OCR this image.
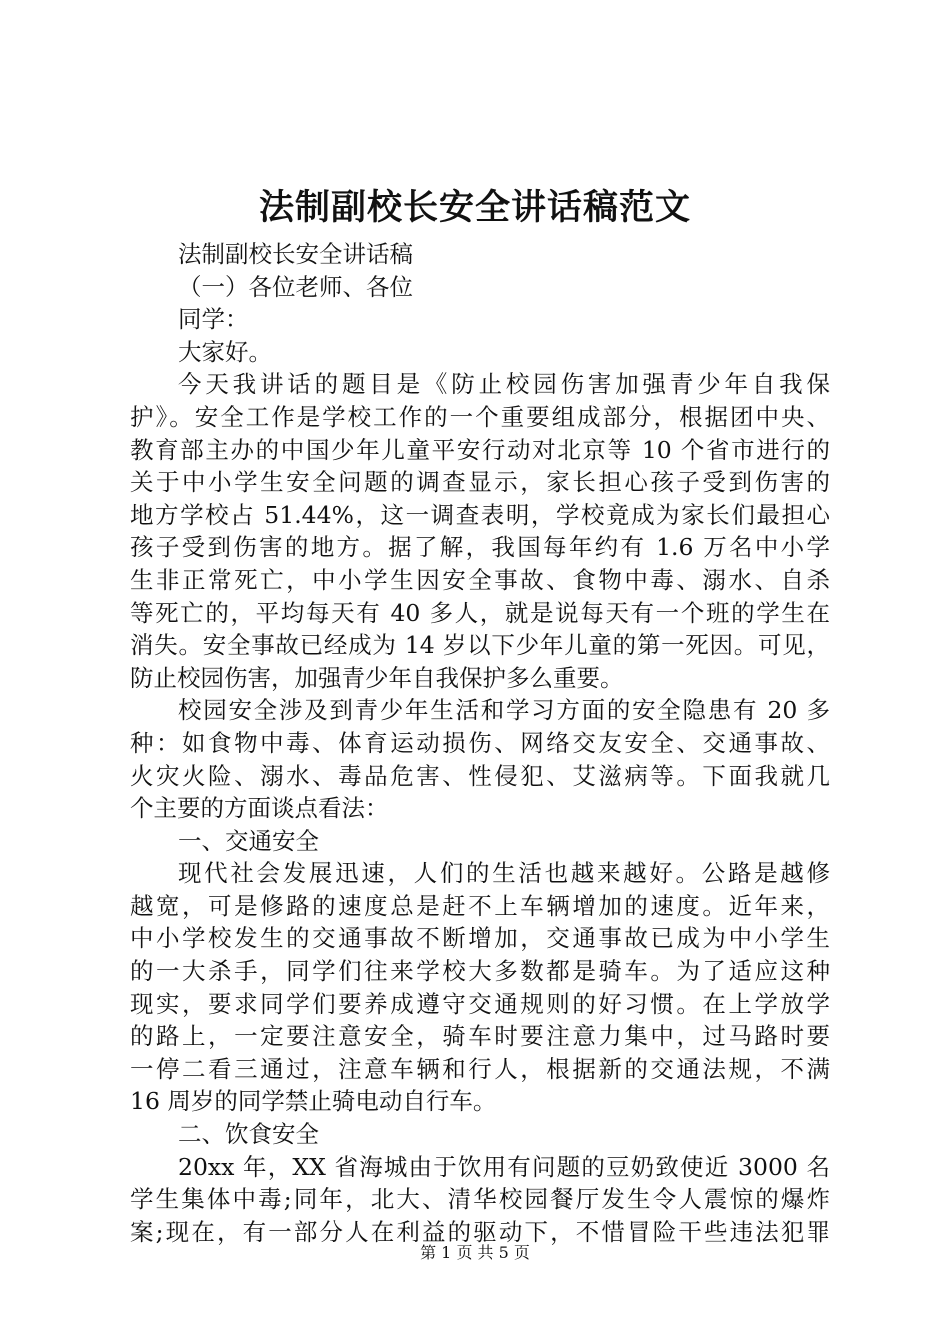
法制副校长安全讲话稿范文
法制副校长安全讲话稿
（一）各位老师、各位
同学：
大家好。
今天我讲话的题目是《防止校园伤害加强青少年自我保
护》。安全工作是学校工作的一个重要组成部分，根据团中央、
教育部主办的中国少年儿童平安行动对北京等 10 个省市进行的
关于中小学生安全问题的调查显示，家长担心孩子受到伤害的
地方学校占 51.44%，这一调查表明，学校竟成为家长们最担心
孩子受到伤害的地方。据了解，我国每年约有 1.6 万名中小学
生非正常死亡，中小学生因安全事故、食物中毒、溺水、自杀
等死亡的，平均每天有 40 多人，就是说每天有一个班的学生在
消失。安全事故已经成为 14 岁以下少年儿童的第一死因。可见，
防止校园伤害，加强青少年自我保护多么重要。
校园安全涉及到青少年生活和学习方面的安全隐患有 20 多
种：如食物中毒、体育运动损伤、网络交友安全、交通事故、
火灾火险、溺水、毒品危害、性侵犯、艾滋病等。下面我就几
个主要的方面谈点看法：
一、交通安全
现代社会发展迅速，人们的生活也越来越好。公路是越修
越宽，可是修路的速度总是赶不上车辆增加的速度。近年来，
中小学校发生的交通事故不断增加，交通事故已成为中小学生
的一大杀手，同学们往来学校大多数都是骑车。为了适应这种
现实，要求同学们要养成遵守交通规则的好习惯。在上学放学
的路上，一定要注意安全，骑车时要注意力集中，过马路时要
一停二看三通过，注意车辆和行人，根据新的交通法规，不满
16 周岁的同学禁止骑电动自行车。
二、饮食安全
20xx 年，XX 省海城由于饮用有问题的豆奶致使近 3000 名
学生集体中毒;同年，北大、清华校园餐厅发生令人震惊的爆炸
案;现在，有一部分人在利益的驱动下，不惜冒险干些违法犯罪
第 1 页 共 5 页
